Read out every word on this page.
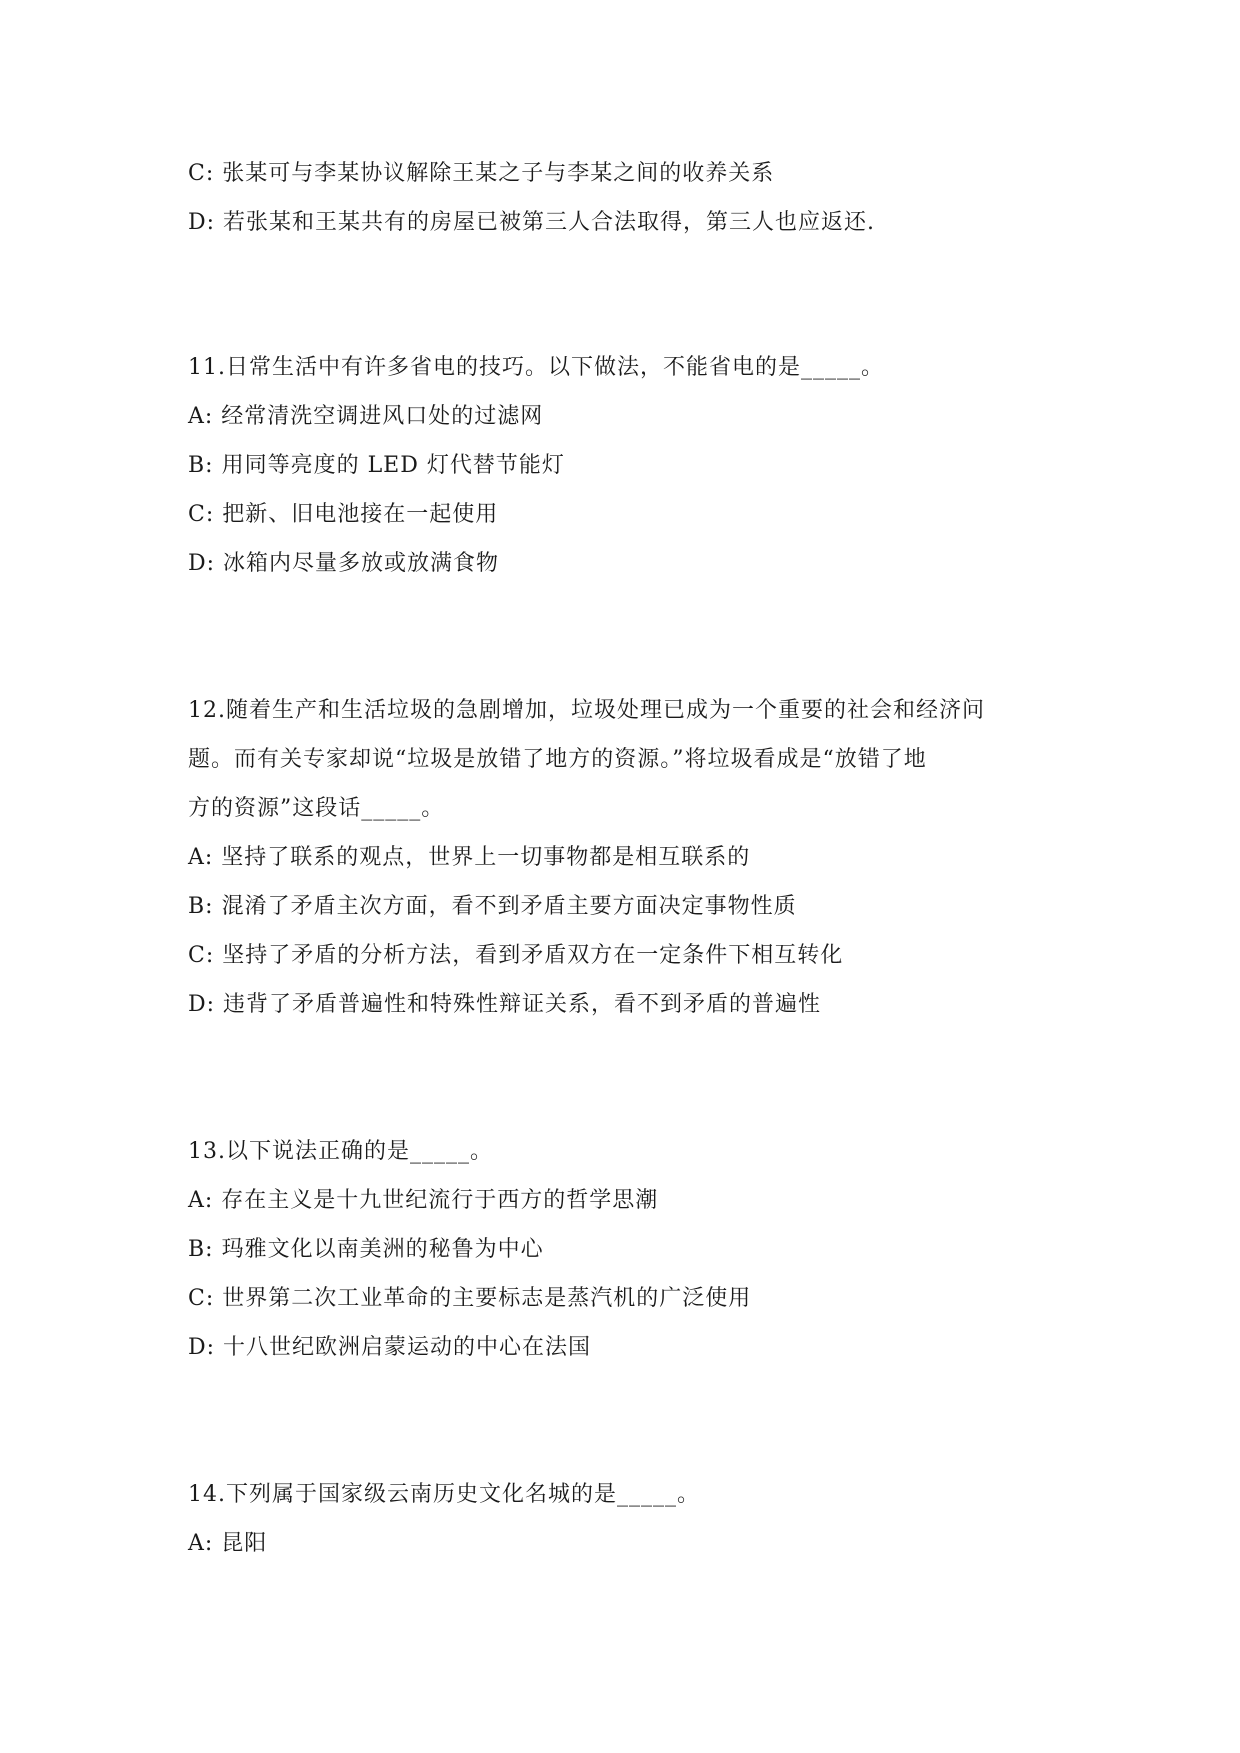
C: 张某可与李某协议解除王某之子与李某之间的收养关系
D: 若张某和王某共有的房屋已被第三人合法取得，第三人也应返还.
11.日常生活中有许多省电的技巧。以下做法，不能省电的是_____。
A: 经常清洗空调进风口处的过滤网
B: 用同等亮度的 LED 灯代替节能灯
C: 把新、旧电池接在一起使用
D: 冰箱内尽量多放或放满食物
12.随着生产和生活垃圾的急剧增加，垃圾处理已成为一个重要的社会和经济问
题。而有关专家却说“垃圾是放错了地方的资源。”将垃圾看成是“放错了地
方的资源”这段话_____。
A: 坚持了联系的观点，世界上一切事物都是相互联系的
B: 混淆了矛盾主次方面，看不到矛盾主要方面决定事物性质
C: 坚持了矛盾的分析方法，看到矛盾双方在一定条件下相互转化
D: 违背了矛盾普遍性和特殊性辩证关系，看不到矛盾的普遍性
13.以下说法正确的是_____。
A: 存在主义是十九世纪流行于西方的哲学思潮
B: 玛雅文化以南美洲的秘鲁为中心
C: 世界第二次工业革命的主要标志是蒸汽机的广泛使用
D: 十八世纪欧洲启蒙运动的中心在法国
14.下列属于国家级云南历史文化名城的是_____。
A: 昆阳
